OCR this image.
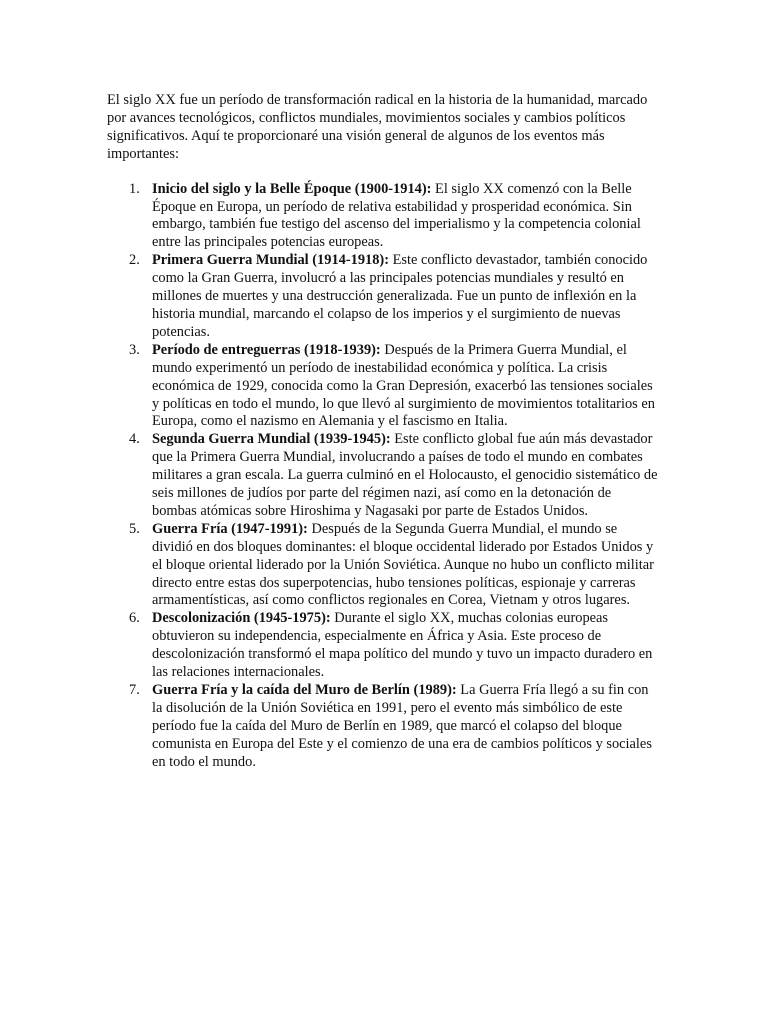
El siglo XX fue un período de transformación radical en la historia de la humanidad, marcado por avances tecnológicos, conflictos mundiales, movimientos sociales y cambios políticos significativos. Aquí te proporcionaré una visión general de algunos de los eventos más importantes:

1. Inicio del siglo y la Belle Époque (1900-1914): El siglo XX comenzó con la Belle Époque en Europa, un período de relativa estabilidad y prosperidad económica. Sin embargo, también fue testigo del ascenso del imperialismo y la competencia colonial entre las principales potencias europeas.
2. Primera Guerra Mundial (1914-1918): Este conflicto devastador, también conocido como la Gran Guerra, involucró a las principales potencias mundiales y resultó en millones de muertes y una destrucción generalizada. Fue un punto de inflexión en la historia mundial, marcando el colapso de los imperios y el surgimiento de nuevas potencias.
3. Período de entreguerras (1918-1939): Después de la Primera Guerra Mundial, el mundo experimentó un período de inestabilidad económica y política. La crisis económica de 1929, conocida como la Gran Depresión, exacerbó las tensiones sociales y políticas en todo el mundo, lo que llevó al surgimiento de movimientos totalitarios en Europa, como el nazismo en Alemania y el fascismo en Italia.
4. Segunda Guerra Mundial (1939-1945): Este conflicto global fue aún más devastador que la Primera Guerra Mundial, involucrando a países de todo el mundo en combates militares a gran escala. La guerra culminó en el Holocausto, el genocidio sistemático de seis millones de judíos por parte del régimen nazi, así como en la detonación de bombas atómicas sobre Hiroshima y Nagasaki por parte de Estados Unidos.
5. Guerra Fría (1947-1991): Después de la Segunda Guerra Mundial, el mundo se dividió en dos bloques dominantes: el bloque occidental liderado por Estados Unidos y el bloque oriental liderado por la Unión Soviética. Aunque no hubo un conflicto militar directo entre estas dos superpotencias, hubo tensiones políticas, espionaje y carreras armamentísticas, así como conflictos regionales en Corea, Vietnam y otros lugares.
6. Descolonización (1945-1975): Durante el siglo XX, muchas colonias europeas obtuvieron su independencia, especialmente en África y Asia. Este proceso de descolonización transformó el mapa político del mundo y tuvo un impacto duradero en las relaciones internacionales.
7. Guerra Fría y la caída del Muro de Berlín (1989): La Guerra Fría llegó a su fin con la disolución de la Unión Soviética en 1991, pero el evento más simbólico de este período fue la caída del Muro de Berlín en 1989, que marcó el colapso del bloque comunista en Europa del Este y el comienzo de una era de cambios políticos y sociales en todo el mundo.
